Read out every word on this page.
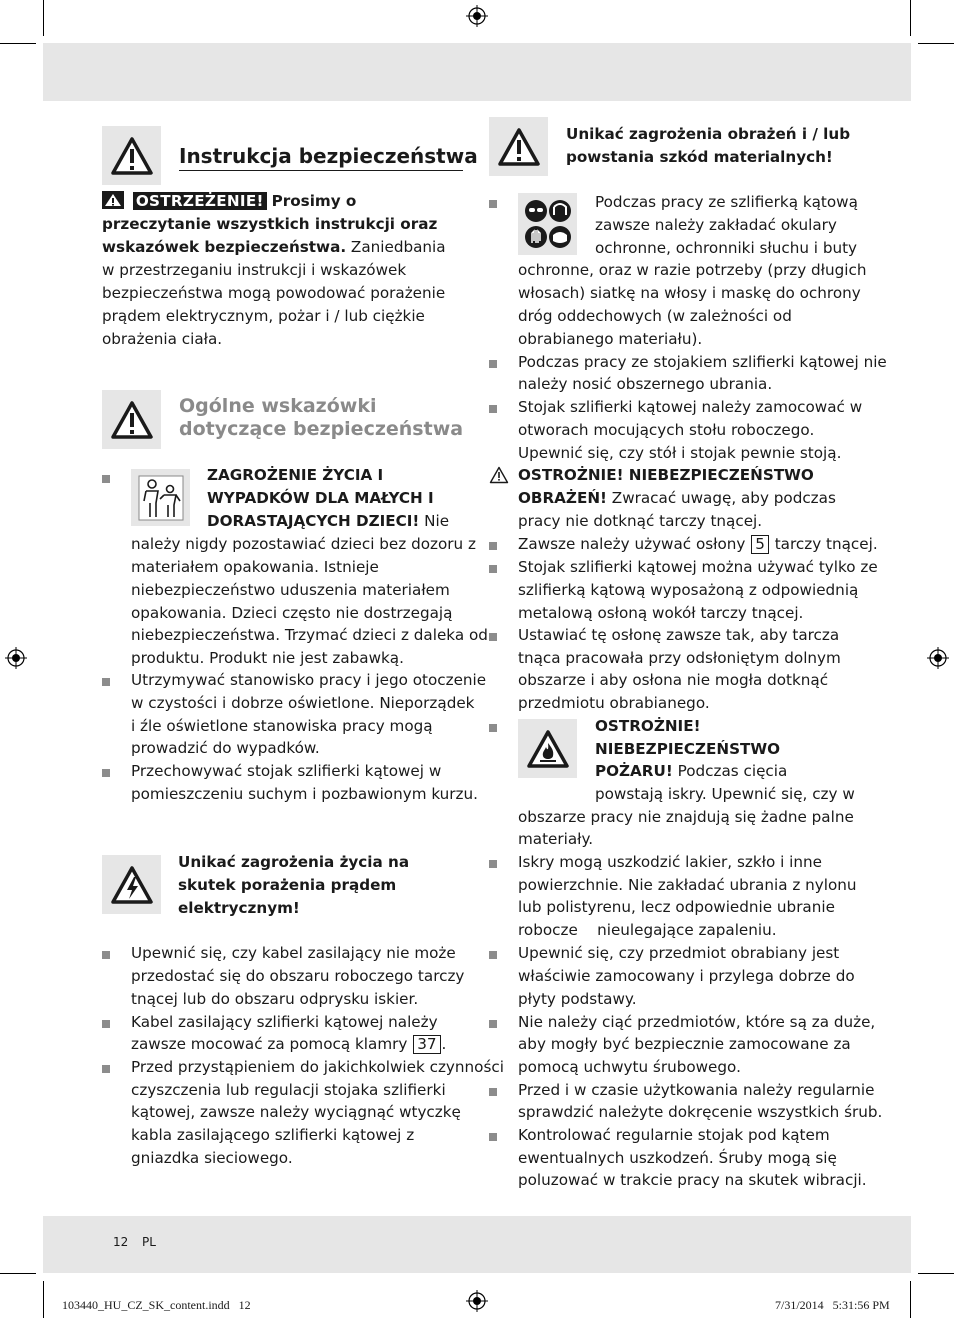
Instrukcja bezpieczeństwa
OSTRZEŻENIE! Prosimy o
przeczytanie wszystkich instrukcji oraz
wskazówek bezpieczeństwa. Zaniedbania
w przestrzeganiu instrukcji i wskazówek
bezpieczeństwa mogą powodować porażenie
prądem elektrycznym, pożar i / lub ciężkie
obrażenia ciała.
Ogólne wskazówki
dotyczące bezpieczeństwa
ZAGROŻENIE ŻYCIA I
WYPADKÓW DLA MAŁYCH I
DORASTAJĄCYCH DZIECI! Nie
należy nigdy pozostawiać dzieci bez dozoru z
materiałem opakowania. Istnieje
niebezpieczeństwo uduszenia materiałem
opakowania. Dzieci często nie dostrzegają
niebezpieczeństwa. Trzymać dzieci z daleka od
produktu. Produkt nie jest zabawką.
Utrzymywać stanowisko pracy i jego otoczenie
w czystości i dobrze oświetlone. Nieporządek
i źle oświetlone stanowiska pracy mogą
prowadzić do wypadków.
Przechowywać stojak szlifierki kątowej w
pomieszczeniu suchym i pozbawionym kurzu.
Unikać zagrożenia życia na
skutek porażenia prądem
elektrycznym!
Upewnić się, czy kabel zasilający nie może
przedostać się do obszaru roboczego tarczy
tnącej lub do obszaru odprysku iskier.
Kabel zasilający szlifierki kątowej należy
zawsze mocować za pomocą klamry 37 .
Przed przystąpieniem do jakichkolwiek czynności
czyszczenia lub regulacji stojaka szlifierki
kątowej, zawsze należy wyciągnąć wtyczkę
kabla zasilającego szlifierki kątowej z
gniazdka sieciowego.
Unikać zagrożenia obrażeń i / lub
powstania szkód materialnych!
Podczas pracy ze szlifierką kątową
zawsze należy zakładać okulary
ochronne, ochronniki słuchu i buty
ochronne, oraz w razie potrzeby (przy długich
włosach) siatkę na włosy i maskę do ochrony
dróg oddechowych (w zależności od
obrabianego materiału).
Podczas pracy ze stojakiem szlifierki kątowej nie
należy nosić obszernego ubrania.
Stojak szlifierki kątowej należy zamocować w
otworach mocujących stołu roboczego.
Upewnić się, czy stół i stojak pewnie stoją.
OSTROŻNIE! NIEBEZPIECZEŃSTWO
OBRAŻEŃ! Zwracać uwagę, aby podczas
pracy nie dotknąć tarczy tnącej.
Zawsze należy używać osłony 5 tarczy tnącej.
Stojak szlifierki kątowej można używać tylko ze
szlifierką kątową wyposażoną z odpowiednią
metalową osłoną wokół tarczy tnącej.
Ustawiać tę osłonę zawsze tak, aby tarcza
tnąca pracowała przy odsłoniętym dolnym
obszarze i aby osłona nie mogła dotknąć
przedmiotu obrabianego.
OSTROŻNIE!
NIEBEZPIECZEŃSTWO
POŻARU! Podczas cięcia
powstają iskry. Upewnić się, czy w
obszarze pracy nie znajdują się żadne palne
materiały.
Iskry mogą uszkodzić lakier, szkło i inne
powierzchnie. Nie zakładać ubrania z nylonu
lub polistyrenu, lecz odpowiednie ubranie
robocze    nieulegające zapaleniu.
Upewnić się, czy przedmiot obrabiany jest
właściwie zamocowany i przylega dobrze do
płyty podstawy.
Nie należy ciąć przedmiotów, które są za duże,
aby mogły być bezpiecznie zamocowane za
pomocą uchwytu śrubowego.
Przed i w czasie użytkowania należy regularnie
sprawdzić należyte dokręcenie wszystkich śrub.
Kontrolować regularnie stojak pod kątem
ewentualnych uszkodzeń. Śruby mogą się
poluzować w trakcie pracy na skutek wibracji.
12 PL
103440_HU_CZ_SK_content.indd   12	7/31/2014   5:31:56 PM
